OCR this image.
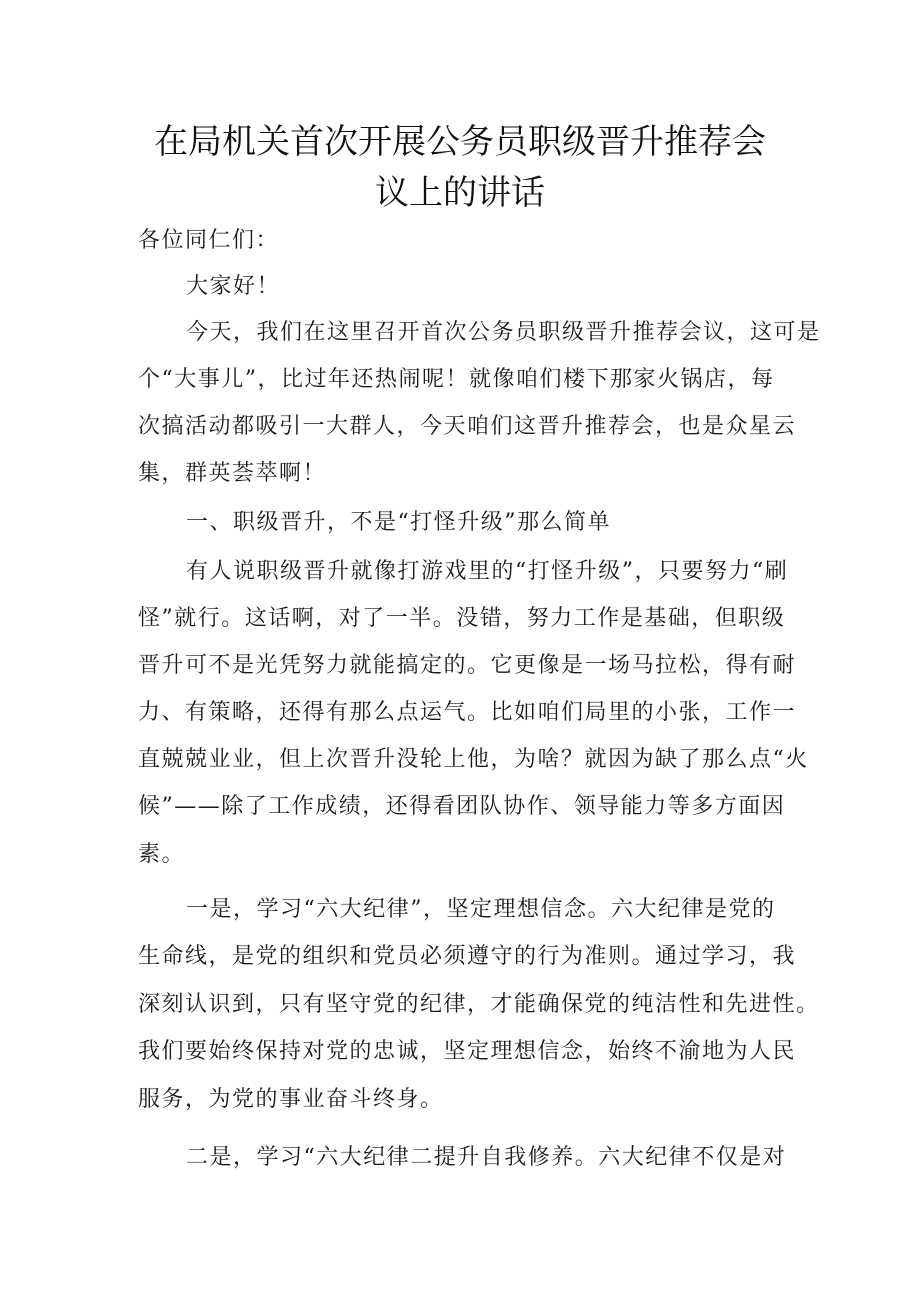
在局机关首次开展公务员职级晋升推荐会
议上的讲话

各位同仁们：

大家好！

今天，我们在这里召开首次公务员职级晋升推荐会议，这可是

个“大事儿”，比过年还热闹呢！就像咱们楼下那家火锅店，每

次搞活动都吸引一大群人，今天咱们这晋升推荐会，也是众星云

集，群英荟萃啊！

一、职级晋升，不是“打怪升级”那么简单

有人说职级晋升就像打游戏里的“打怪升级”，只要努力“刷

怪”就行。这话啊，对了一半。没错，努力工作是基础，但职级

晋升可不是光凭努力就能搞定的。它更像是一场马拉松，得有耐

力、有策略，还得有那么点运气。比如咱们局里的小张，工作一

直兢兢业业，但上次晋升没轮上他，为啥？就因为缺了那么点“火

候”——除了工作成绩，还得看团队协作、领导能力等多方面因

素。

一是，学习“六大纪律”，坚定理想信念。六大纪律是党的

生命线，是党的组织和党员必须遵守的行为准则。通过学习，我

深刻认识到，只有坚守党的纪律，才能确保党的纯洁性和先进性。

我们要始终保持对党的忠诚，坚定理想信念，始终不渝地为人民

服务，为党的事业奋斗终身。

二是，学习“六大纪律二提升自我修养。六大纪律不仅是对
